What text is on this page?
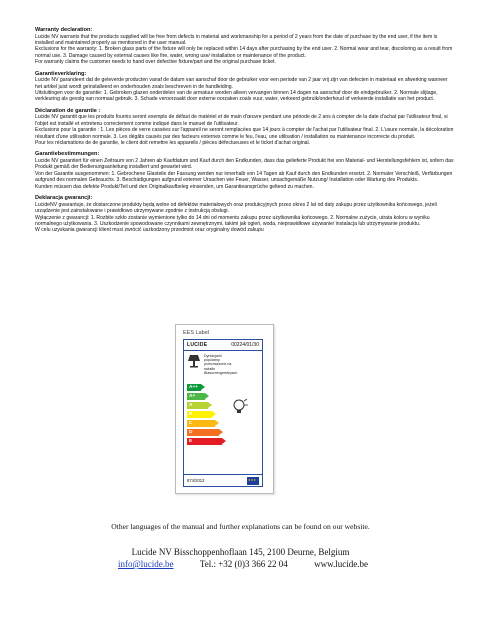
Warranty declaration:

Lucide NV warrants that the products supplied will be free from defects in material and workmanship for a period of 2 years from the date of purchase by the end user, if the item is installed and maintained properly as mentioned in the user manual.
Exclusions for the warranty: 1. Broken glass parts of the fixture will only be replaced within 14 days after purchasing by the end user. 2. Normal wear and tear, discoloring as a result from normal use. 3. Damage caused by external causes like fire, water, wrong use/ installation or maintenance of the product.
For warranty claims the customer needs to hand over defective fixture/part and the original purchase ticket.

Garantieverklaring:

Lucide NV garandeert dat de geleverde producten vanaf de datum van aanschaf door de gebruiker voor een periode van 2 jaar vrij zijn van defecten in materiaal en afwerking wanneer het artikel juist wordt geïnstalleerd en onderhouden zoals beschreven in de handleiding.
Uitsluitingen voor de garantie: 1. Gebroken glazen onderdelen van de armatuur worden alleen vervangen binnen 14 dagen na aanschaf door de eindgebruiker. 2. Normale slijtage, verkleuring als gevolg van normaal gebruik. 3. Schade veroorzaakt door externe oorzaken zoals vuur, water, verkeerd gebruik/onderhoud of verkeerde installatie van het product.

Déclaration de garantie :

Lucide NV garantit que les produits fournis seront exempts de défaut de matériel et de main d'œuvre pendant une période de 2 ans à compter de la date d'achat par l'utilisateur final, si l'objet est installé et entretenu correctement comme indiqué dans le manuel de l'utilisateur.
Exclusions pour la garantie : 1. Les pièces de verre cassées sur l'appareil ne seront remplacées que 14 jours à compter de l'achat par l'utilisateur final. 2. L'usure normale, la décoloration résultant d'une utilisation normale. 3. Les dégâts causés par des facteurs externes comme le feu, l'eau, une utilisation / installation ou maintenance incorrecte du produit.
Pour les réclamations de de garantie, le client doit remettre les appareils / pièces défectueuses et le ticket d'achat original.

Garantiebestimmungen:

Lucide NV garantiert für einen Zeitraum von 2 Jahren ab Kaufdatum und Kauf durch den Endkunden, dass das gelieferte Produkt frei von Material- und Herstellungsfehlern ist, sofern das Produkt gemäß der Bedienungsanleitung installiert und gewartet wird.
Von der Garantie ausgenommen: 1. Gebrochene Glasteile der Fassung werden nur innerhalb von 14 Tagen ab Kauf durch den Endkunden ersetzt. 2. Normaler Verschleiß, Verfärbungen aufgrund des normalen Gebrauchs. 3. Beschädigungen aufgrund externer Ursachen wie Feuer, Wasser, unsachgemäße Nutzung/ Installation oder Wartung des Produkts.
Kunden müssen das defekte Produkt/Teil und den Originalkaufbeleg einsenden, um Garantieansprüche geltend zu machen.

Deklaracja gwarancji:

LucideNV gwarantuje, że dostarczone produkty będą wolne od defektów materiałowych oraz produkcyjnych przez okres 2 lat od daty zakupu przez użytkownika końcowego, jeżeli urządzenie jest zainstalowane i prawidłowo utrzymywane zgodnie z instrukcją obsługi.
Wyłączenie z gwarancji: 1. Rozbite szkło zostanie wymienione tylko do 14 dni od momentu zakupu przez użytkownika końcowego. 2. Normalne zużycie, utrata koloru w wyniku normalnego użytkowania. 3. Uszkodzenie spowodowane czynnikami zewnętrznymi, takimi jak ogień, woda, nieprawidłowe używanie/ instalacja lub utrzymywanie produktu.
W celu uzyskania gwarancji klient musi zwrócić uszkodzony przedmiot oraz oryginalny dowód zakupu

EES Label
LUCIDE	00224/01/30
Dyrekcjami
popularny
przeznaczone na
swiatło
Biasuvnergerkteysch
A++
A+
A
B
C
D
E
874/2012
★★★
Other languages of the manual and further explanations can be found on our website.
Lucide NV Bisschoppenhoflaan 145, 2100 Deurne, Belgium
info@lucide.be	Tel.: +32 (0)3 366 22 04	www.lucide.be
